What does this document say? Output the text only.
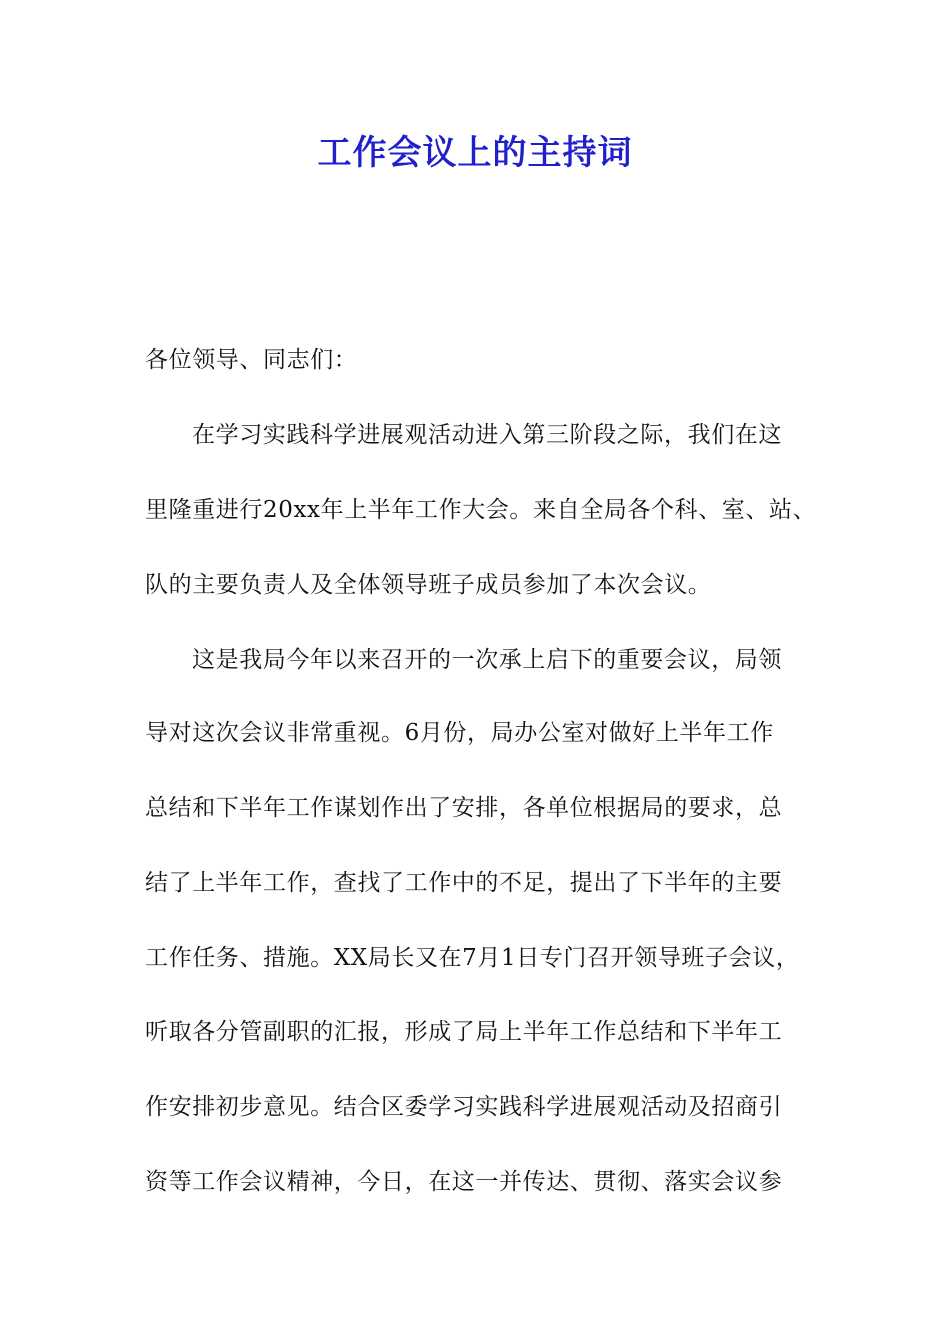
工作会议上的主持词
各位领导、同志们：
在学习实践科学进展观活动进入第三阶段之际，我们在这
里隆重进行20xx年上半年工作大会。来自全局各个科、室、站、
队的主要负责人及全体领导班子成员参加了本次会议。
这是我局今年以来召开的一次承上启下的重要会议，局领
导对这次会议非常重视。6月份，局办公室对做好上半年工作
总结和下半年工作谋划作出了安排，各单位根据局的要求，总
结了上半年工作，查找了工作中的不足，提出了下半年的主要
工作任务、措施。XX局长又在7月1日专门召开领导班子会议，
听取各分管副职的汇报，形成了局上半年工作总结和下半年工
作安排初步意见。结合区委学习实践科学进展观活动及招商引
资等工作会议精神，今日，在这一并传达、贯彻、落实会议参
